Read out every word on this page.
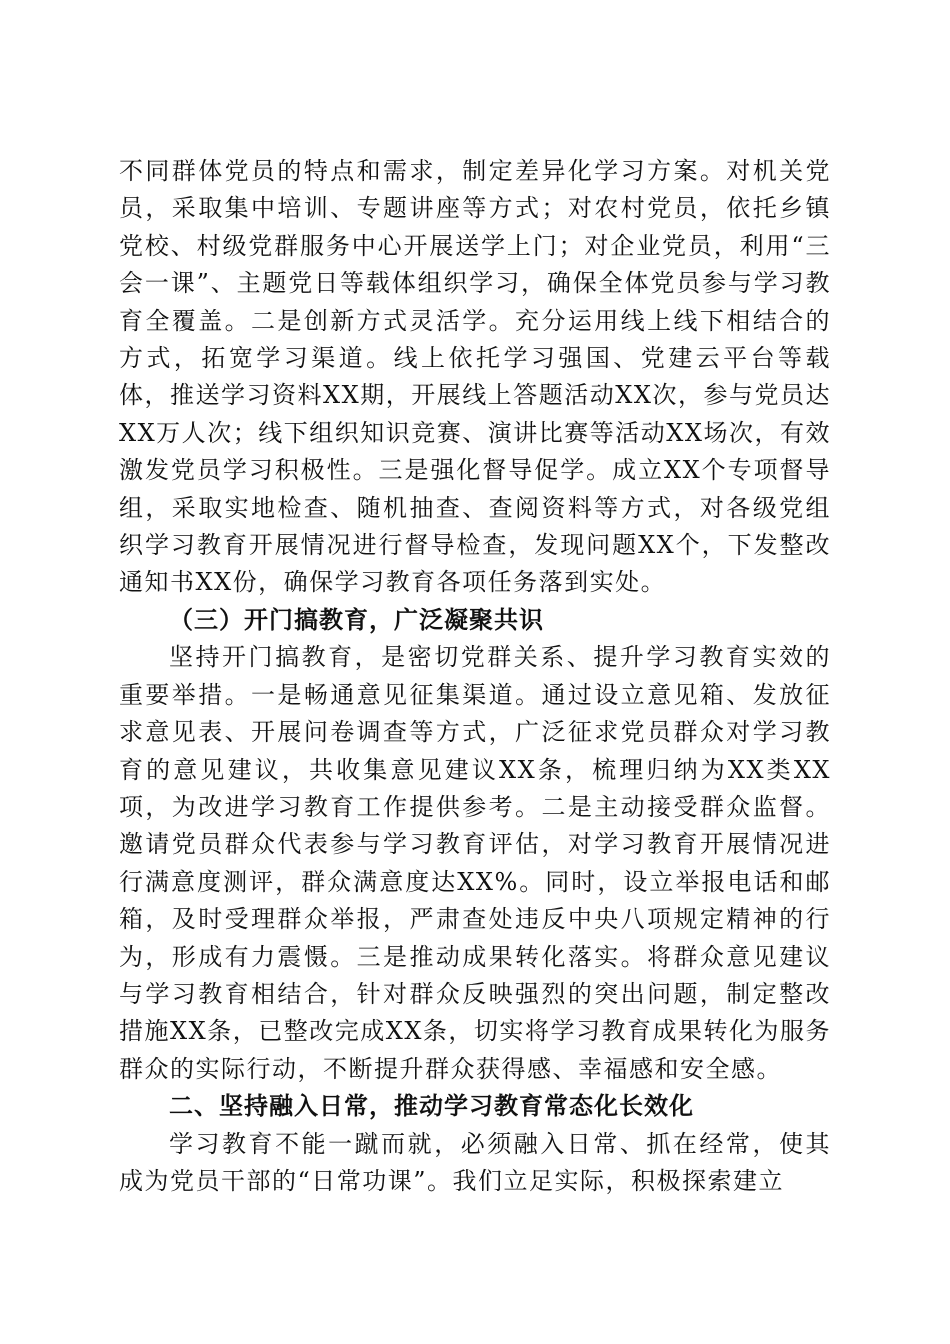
不同群体党员的特点和需求，制定差异化学习方案。对机关党员，采取集中培训、专题讲座等方式；对农村党员，依托乡镇党校、村级党群服务中心开展送学上门；对企业党员，利用“三会一课”、主题党日等载体组织学习，确保全体党员参与学习教育全覆盖。二是创新方式灵活学。充分运用线上线下相结合的方式，拓宽学习渠道。线上依托学习强国、党建云平台等载体，推送学习资料XX期，开展线上答题活动XX次，参与党员达XX万人次；线下组织知识竞赛、演讲比赛等活动XX场次，有效激发党员学习积极性。三是强化督导促学。成立XX个专项督导组，采取实地检查、随机抽查、查阅资料等方式，对各级党组织学习教育开展情况进行督导检查，发现问题XX个，下发整改通知书XX份，确保学习教育各项任务落到实处。

（三）开门搞教育，广泛凝聚共识

坚持开门搞教育，是密切党群关系、提升学习教育实效的重要举措。一是畅通意见征集渠道。通过设立意见箱、发放征求意见表、开展问卷调查等方式，广泛征求党员群众对学习教育的意见建议，共收集意见建议XX条，梳理归纳为XX类XX项，为改进学习教育工作提供参考。二是主动接受群众监督。邀请党员群众代表参与学习教育评估，对学习教育开展情况进行满意度测评，群众满意度达XX%。同时，设立举报电话和邮箱，及时受理群众举报，严肃查处违反中央八项规定精神的行为，形成有力震慑。三是推动成果转化落实。将群众意见建议与学习教育相结合，针对群众反映强烈的突出问题，制定整改措施XX条，已整改完成XX条，切实将学习教育成果转化为服务群众的实际行动，不断提升群众获得感、幸福感和安全感。

二、坚持融入日常，推动学习教育常态化长效化

学习教育不能一蹴而就，必须融入日常、抓在经常，使其成为党员干部的“日常功课”。我们立足实际，积极探索建立
